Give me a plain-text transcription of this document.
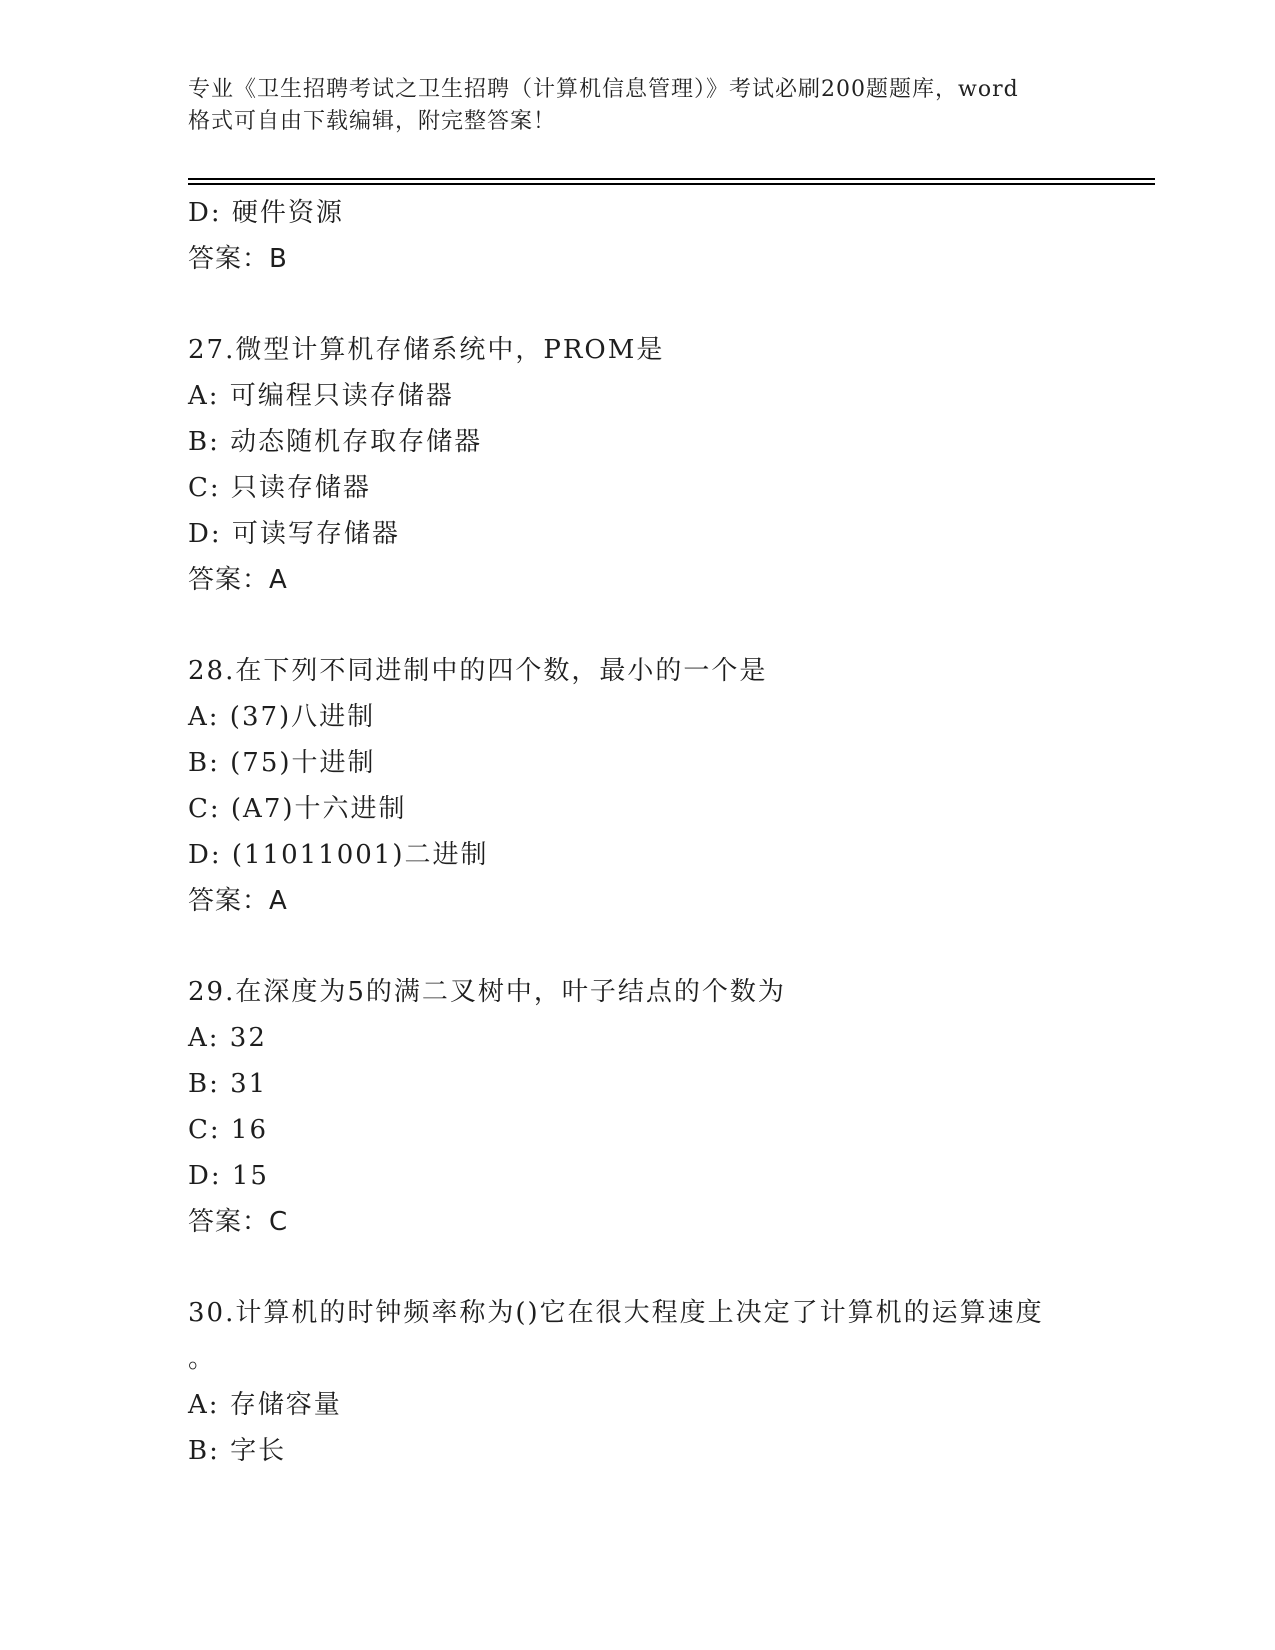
专业《卫生招聘考试之卫生招聘（计算机信息管理）》考试必刷200题题库，word
格式可自由下载编辑，附完整答案！
D: 硬件资源
答案：B
27.微型计算机存储系统中，PROM是
A: 可编程只读存储器
B: 动态随机存取存储器
C: 只读存储器
D: 可读写存储器
答案：A
28.在下列不同进制中的四个数，最小的一个是
A: (37)八进制
B: (75)十进制
C: (A7)十六进制
D: (11011001)二进制
答案：A
29.在深度为5的满二叉树中，叶子结点的个数为
A: 32
B: 31
C: 16
D: 15
答案：C
30.计算机的时钟频率称为()它在很大程度上决定了计算机的运算速度
。
A: 存储容量
B: 字长
